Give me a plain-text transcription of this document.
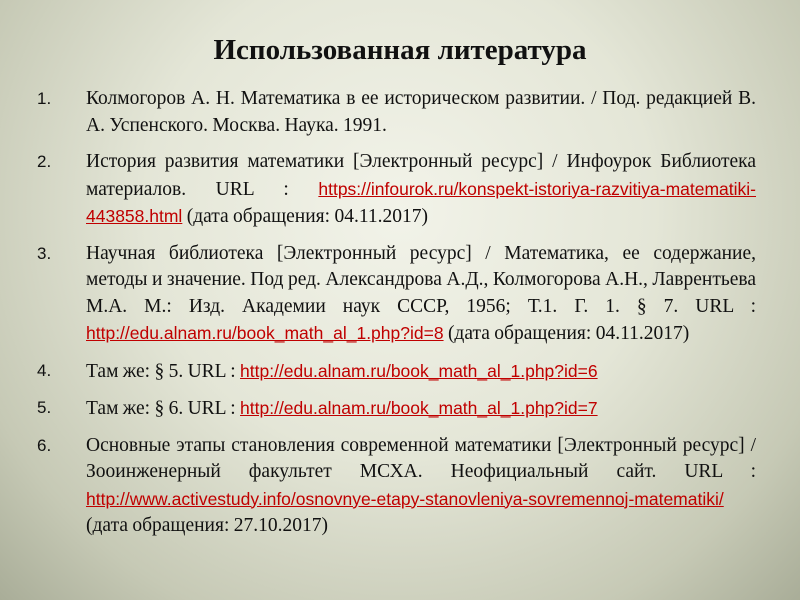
Использованная литература
1. Колмогоров А. Н. Математика в ее историческом развитии. / Под. редакцией В. А. Успенского. Москва. Наука. 1991.
2. История развития математики [Электронный ресурс] / Инфоурок Библиотека материалов. URL : https://infourok.ru/konspekt-istoriya-razvitiya-matematiki-443858.html (дата обращения: 04.11.2017)
3. Научная библиотека [Электронный ресурс] / Математика, ее содержание, методы и значение. Под ред. Александрова А.Д., Колмогорова А.Н., Лаврентьева М.А. М.: Изд. Академии наук СССР, 1956; Т.1. Г. 1. § 7. URL : http://edu.alnam.ru/book_math_al_1.php?id=8 (дата обращения: 04.11.2017)
4. Там же: § 5. URL : http://edu.alnam.ru/book_math_al_1.php?id=6
5. Там же: § 6. URL : http://edu.alnam.ru/book_math_al_1.php?id=7
6. Основные этапы становления современной математики [Электронный ресурс] / Зооинженерный факультет МСХА. Неофициальный сайт. URL : http://www.activestudy.info/osnovnye-etapy-stanovleniya-sovremennoj-matematiki/ (дата обращения: 27.10.2017)
